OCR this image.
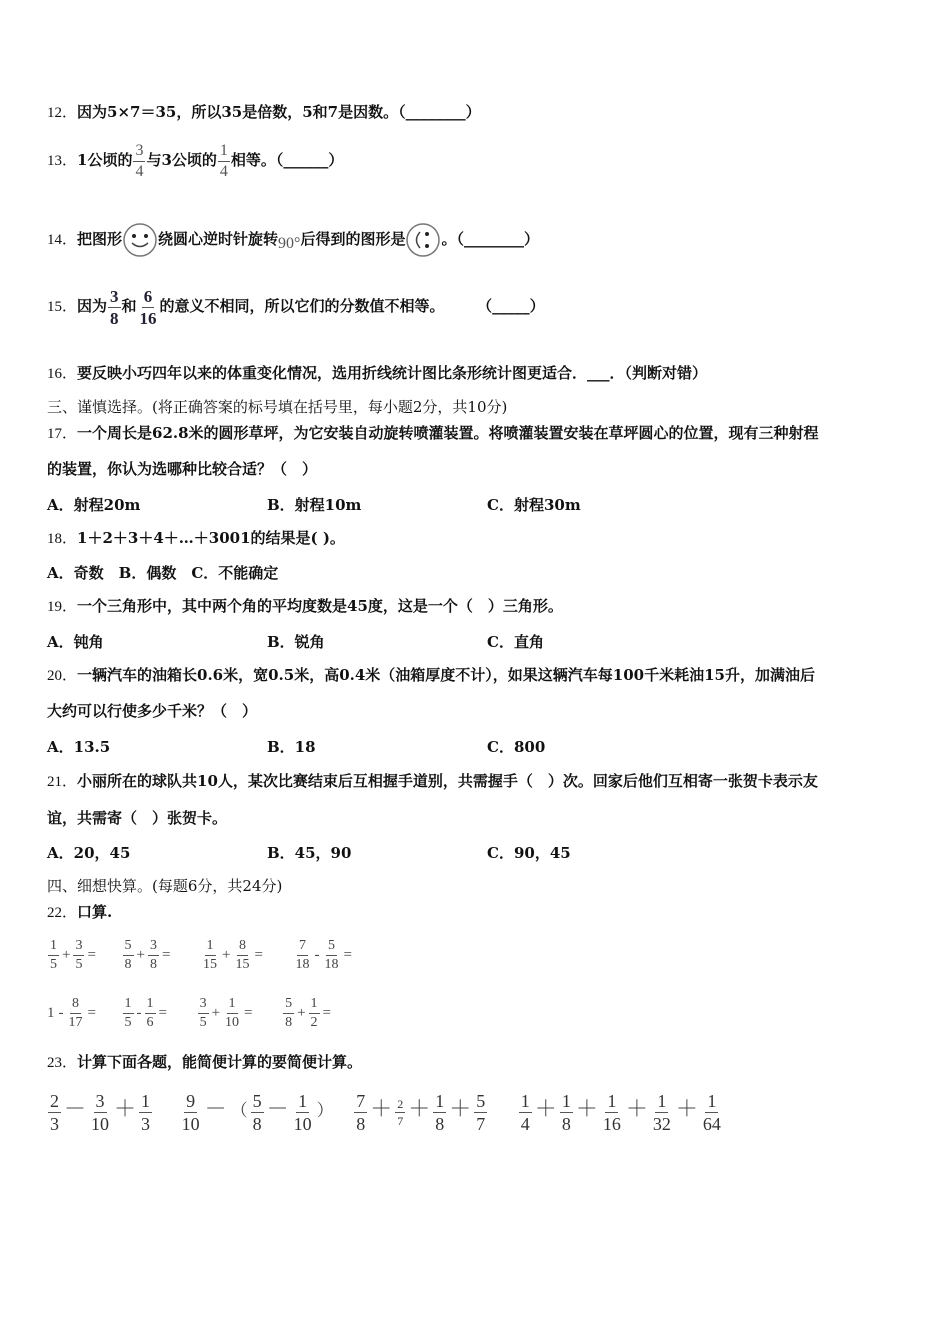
12．因为5×7＝35，所以35是倍数，5和7是因数。（________）
13．1公顷的 $\frac{3}{4}$ 与3公顷的 $\frac{1}{4}$ 相等。（______）
14．把图形 绕圆心逆时针旋转90°后得到的图形是 。（________）
15．因为 $\frac{3}{8}$ 和 $\frac{6}{16}$ 的意义不相同，所以它们的分数值不相等。	（_____）
16．要反映小巧四年以来的体重变化情况，选用折线统计图比条形统计图更适合．___．（判断对错）
三、谨慎选择。(将正确答案的标号填在括号里，每小题2分，共10分)
17．一个周长是62.8米的圆形草坪，为它安装自动旋转喷灌装置。将喷灌装置安装在草坪圆心的位置，现有三种射程
的装置，你认为选哪种比较合适？（　）
A．射程20m	B．射程10m	C．射程30m
18．1＋2＋3＋4＋…＋3001的结果是( )。
A．奇数　B．偶数　C．不能确定
19．一个三角形中，其中两个角的平均度数是45度，这是一个（　）三角形。
A．钝角	B．锐角	C．直角
20．一辆汽车的油箱长0.6米，宽0.5米，高0.4米（油箱厚度不计），如果这辆汽车每100千米耗油15升，加满油后
大约可以行使多少千米？（　）
A．13.5	B．18	C．800
21．小丽所在的球队共10人，某次比赛结束后互相握手道别，共需握手（　）次。回家后他们互相寄一张贺卡表示友
谊，共需寄（　）张贺卡。
A．20，45	B．45，90	C．90，45
四、细想快算。(每题6分，共24分)
22．口算.
$\frac{1}{5} + \frac{3}{5} = \frac{5}{8} + \frac{3}{8} = \frac{1}{15} + \frac{8}{15} = \frac{7}{18} - \frac{5}{18}$ =
$1 - \frac{8}{17} = \frac{1}{5} - \frac{1}{6} = \frac{3}{5} + \frac{1}{10} = \frac{5}{8} + \frac{1}{2}$ =
23．计算下面各题，能简便计算的要简便计算。
$\frac{2}{3} - \frac{3}{10} + \frac{1}{3}$
$\frac{9}{10}$ － （ $\frac{5}{8} - \frac{1}{10}$ ） $\frac{7}{8} + \frac{2}{7} + \frac{1}{8} + \frac{5}{7}$
$\frac{1}{4} + \frac{1}{8} + \frac{1}{16} + \frac{1}{32} + \frac{1}{64}$
